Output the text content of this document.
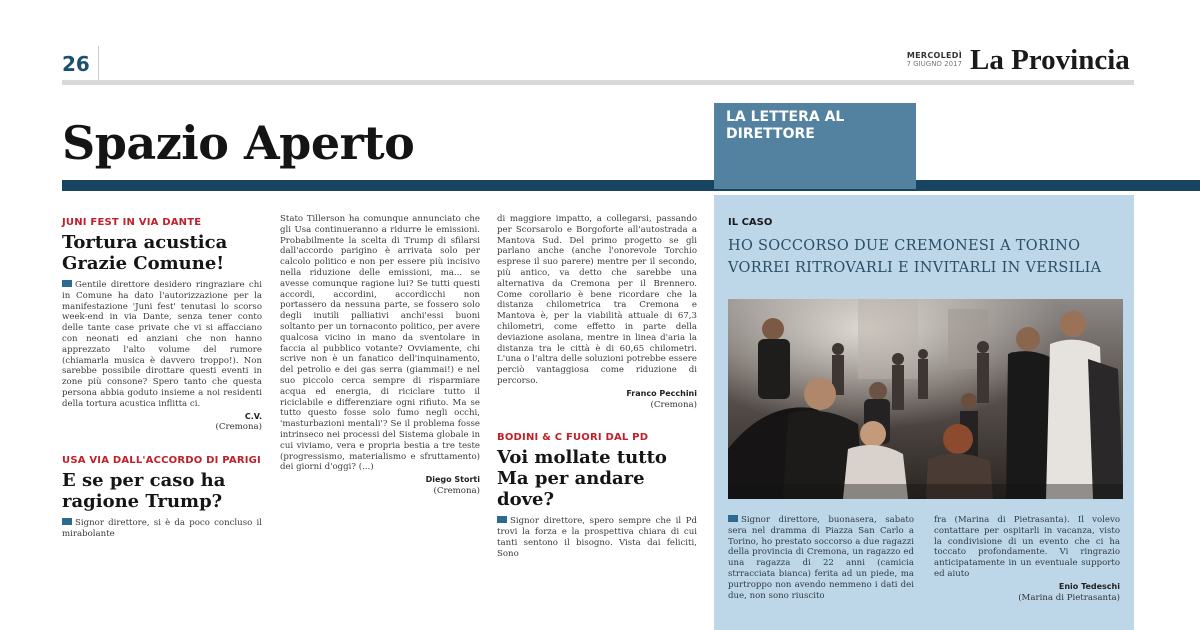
26	MERCOLEDÌ
7 GIUGNO 2017 La Provincia
Spazio Aperto	LA LETTERA AL DIRETTORE
JUNI FEST IN VIA DANTE
Tortura acustica Grazie Comune!
Gentile direttore desidero ringraziare chi in Comune ha dato l'autorizzazione per la manifestazione 'Juni fest' tenutasi lo scorso week-end in via Dante, senza tener conto delle tante case private che vi si affacciano con neonati ed anziani che non hanno apprezzato l'alto volume del rumore (chiamarla musica è davvero troppo!). Non sarebbe possibile dirottare questi eventi in zone più consone? Spero tanto che questa persona abbia goduto insieme a noi residenti della tortura acustica inflitta ci.
C.V.
(Cremona)
USA VIA DALL'ACCORDO DI PARIGI
E se per caso ha ragione Trump?
Signor direttore, si è da poco concluso il mirabolante
Stato Tillerson ha comunque annunciato che gli Usa continueranno a ridurre le emissioni. Probabilmente la scelta di Trump di sfilarsi dall'accordo parigino è arrivata solo per calcolo politico e non per essere più incisivo nella riduzione delle emissioni, ma... se avesse comunque ragione lui? Se tutti questi accordi, accordini, accordicchi non portassero da nessuna parte, se fossero solo degli inutili palliativi anchi'essi buoni soltanto per un tornaconto politico, per avere qualcosa vicino in mano da sventolare in faccia al pubblico votante? Ovviamente, chi scrive non è un fanatico dell'inquinamento, del petrolio e dei gas serra (giammai!) e nel suo piccolo cerca sempre di risparmiare acqua ed energia, di riciclare tutto il riciclabile e differenziare ogni rifiuto. Ma se tutto questo fosse solo fumo negli occhi, 'masturbazioni mentali'? Se il problema fosse intrinseco nei processi del Sistema globale in cui viviamo, vera e propria bestia a tre teste (progressismo, materialismo e sfruttamento) dei giorni d'oggi? (...)
Diego Storti
(Cremona)
di maggiore impatto, a collegarsi, passando per Scorsarolo e Borgoforte all'autostrada a Mantova Sud. Del primo progetto se gli parlano anche (anche l'onorevole Torchio esprese il suo parere) mentre per il secondo, più antico, va detto che sarebbe una alternativa da Cremona per il Brennero. Come corollario è bene ricordare che la distanza chilometrica tra Cremona e Mantova è, per la viabilità attuale di 67,3 chilometri, come effetto in parte della deviazione asolana, mentre in linea d'aria la distanza tra le città è di 60,65 chilometri. L'una o l'altra delle soluzioni potrebbe essere perciò vantaggiosa come riduzione di percorso.
Franco Pecchini
(Cremona)
BODINI & C FUORI DAL PD
Voi mollate tutto Ma per andare dove?
Signor direttore, spero sempre che il Pd trovi la forza e la prospettiva chiara di cui tanti sentono il bisogno. Vista dai feliciti, Sono
IL CASO
HO SOCCORSO DUE CREMONESI A TORINO VORREI RITROVARLI E INVITARLI IN VERSILIA
Signor direttore, buonasera, sabato sera nel dramma di Piazza San Carlo a Torino, ho prestato soccorso a due ragazzi della provincia di Cremona, un ragazzo ed una ragazza di 22 anni (camicia strracciata bianca) ferita ad un piede, ma purtroppo non avendo nemmeno i dati dei due, non sono riuscito
fra (Marina di Pietrasanta). Il volevo contattare per ospitarli in vacanza, visto la condivisione di un evento che ci ha toccato profondamente. Vi ringrazio anticipatamente in un eventuale supporto ed aiuto
Enio Tedeschi
(Marina di Pietrasanta)
